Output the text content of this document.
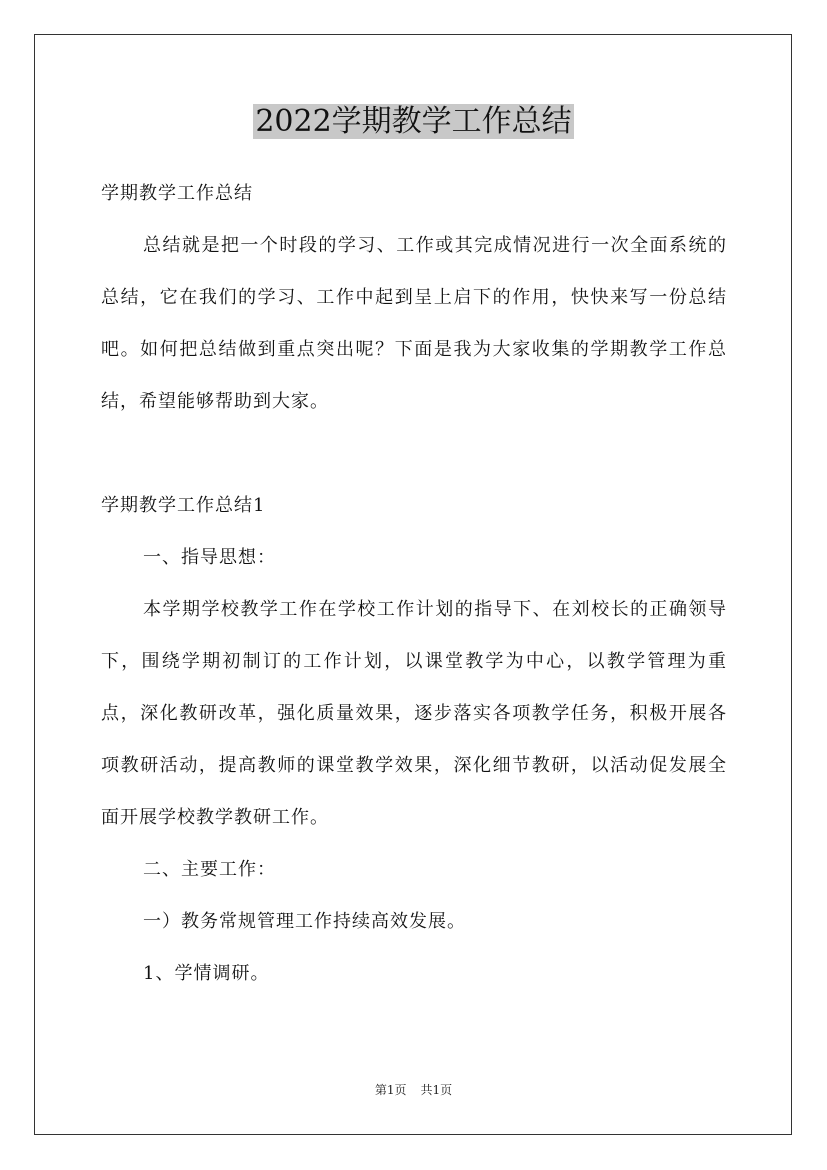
2022学期教学工作总结

学期教学工作总结

总结就是把一个时段的学习、工作或其完成情况进行一次全面系统的总结，它在我们的学习、工作中起到呈上启下的作用，快快来写一份总结吧。如何把总结做到重点突出呢？下面是我为大家收集的学期教学工作总结，希望能够帮助到大家。

学期教学工作总结1

一、指导思想：

本学期学校教学工作在学校工作计划的指导下、在刘校长的正确领导下，围绕学期初制订的工作计划，以课堂教学为中心，以教学管理为重点，深化教研改革，强化质量效果，逐步落实各项教学任务，积极开展各项教研活动，提高教师的课堂教学效果，深化细节教研，以活动促发展全面开展学校教学教研工作。

二、主要工作：

一）教务常规管理工作持续高效发展。

1、学情调研。

第1页 共1页
